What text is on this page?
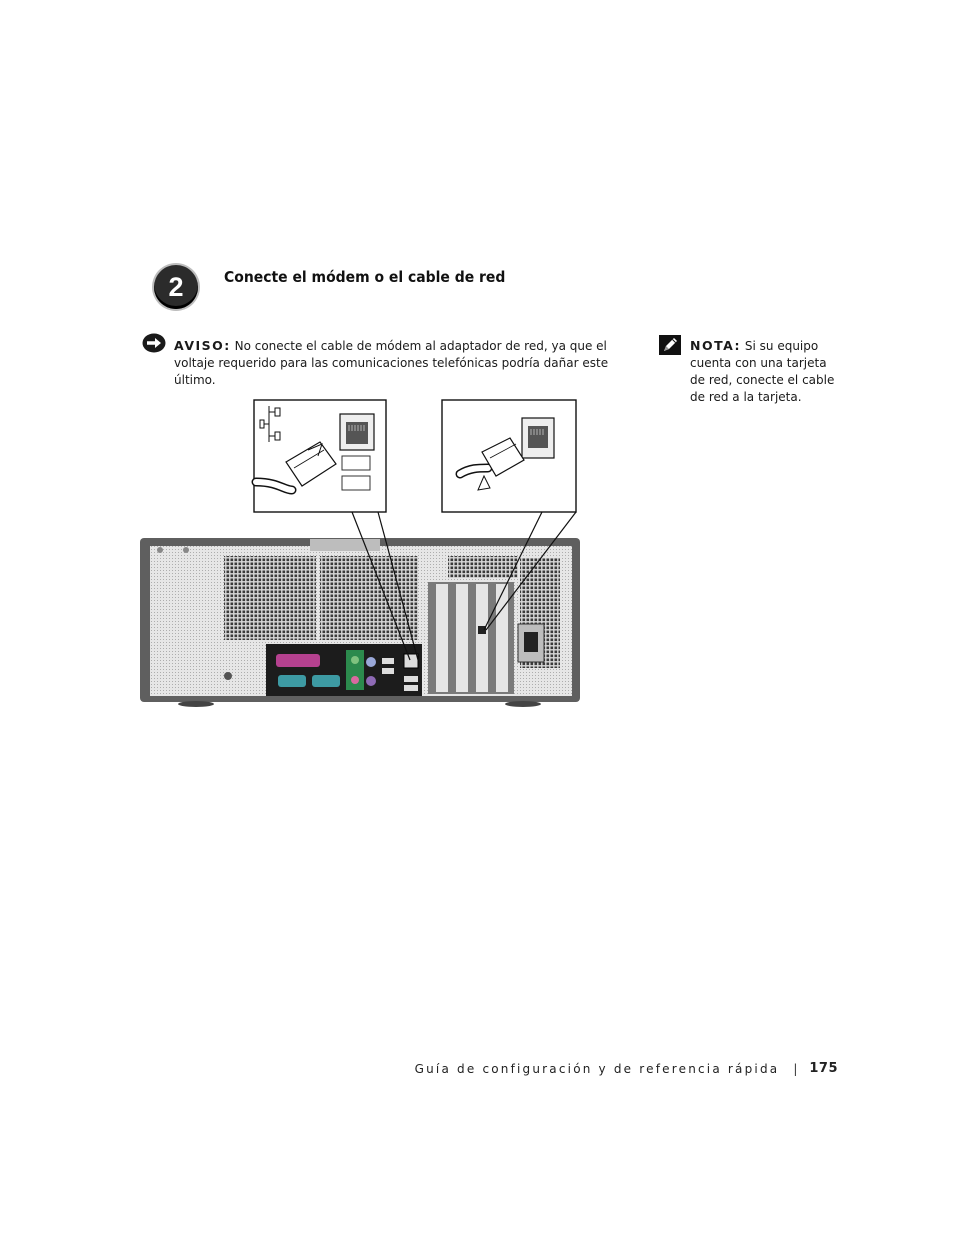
2	Conecte el módem o el cable de red
AVISO: No conecte el cable de módem al adaptador de red, ya que el voltaje requerido para las comunicaciones telefónicas podría dañar este último.
NOTA: Si su equipo cuenta con una tarjeta de red, conecte el cable de red a la tarjeta.
Guía de configuración y de referencia rápida | 175
